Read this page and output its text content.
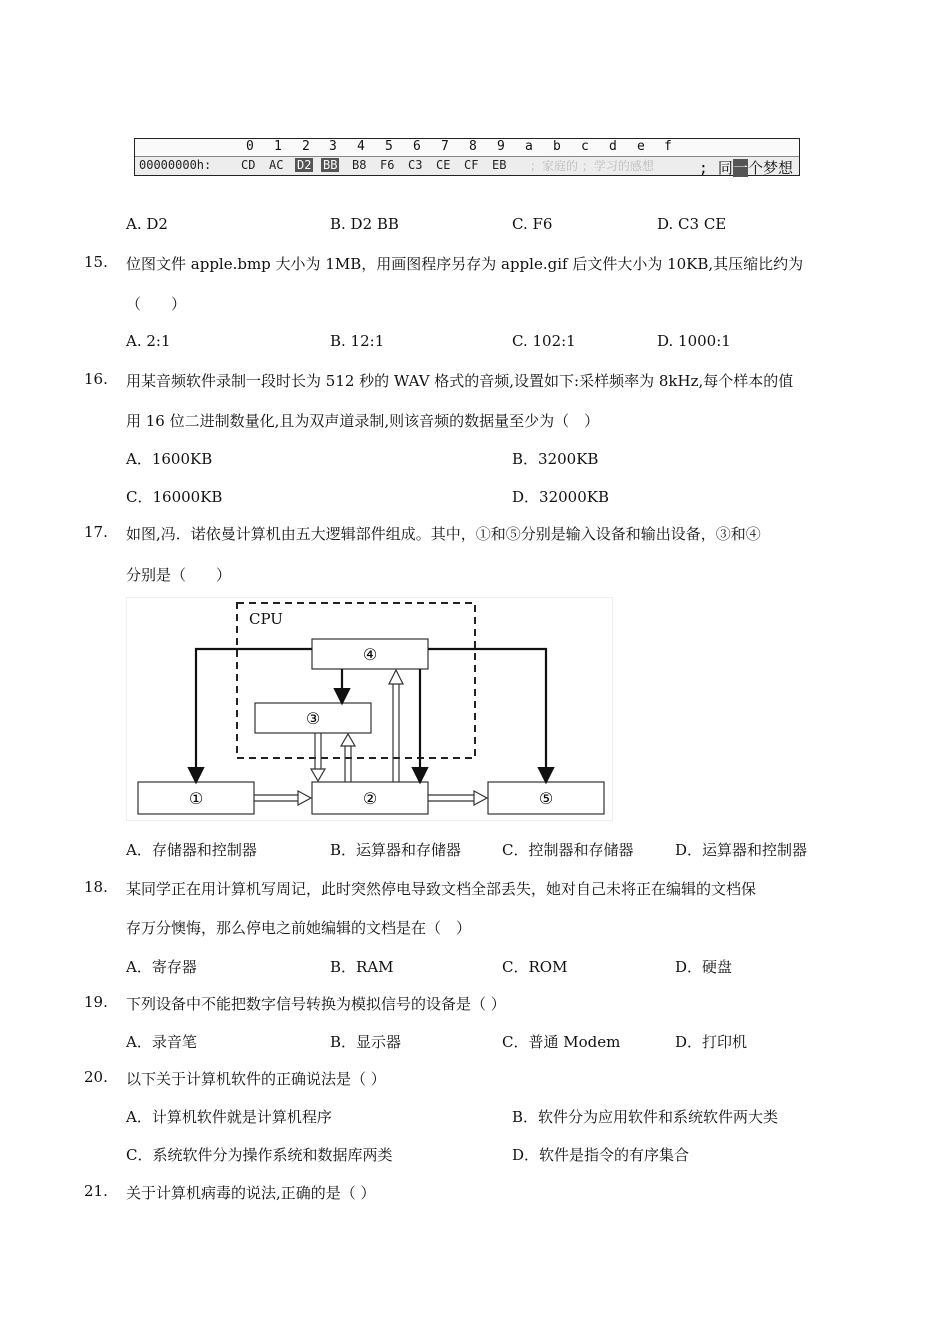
0 1 2 3 4 5 6 7 8 9 a b c d e f
00000000h: CD AC D2 BB B8 F6 C3 CE CF EB ；家庭的 ；学习的感想	; 同一个梦想
A. D2	B. D2 BB	C. F6	D. C3 CE
15. 位图文件 apple.bmp 大小为 1MB，用画图程序另存为 apple.gif 后文件大小为 10KB,其压缩比约为
（　　）
A. 2:1	B. 12:1	C. 102:1	D. 1000:1
16. 用某音频软件录制一段时长为 512 秒的 WAV 格式的音频,设置如下:采样频率为 8kHz,每个样本的值
用 16 位二进制数量化,且为双声道录制,则该音频的数据量至少为（　）
A．1600KB	B．3200KB
C．16000KB	D．32000KB
17. 如图,冯．诺依曼计算机由五大逻辑部件组成。其中，①和⑤分别是输入设备和输出设备，③和④
分别是（　　）
CPU
④
③
①	②	⑤
A．存储器和控制器	B．运算器和存储器	C．控制器和存储器	D．运算器和控制器
18. 某同学正在用计算机写周记，此时突然停电导致文档全部丢失，她对自己未将正在编辑的文档保
存万分懊悔，那么停电之前她编辑的文档是在（　）
A．寄存器	B．RAM	C．ROM	D．硬盘
19. 下列设备中不能把数字信号转换为模拟信号的设备是（ ）
A．录音笔	B．显示器	C．普通 Modem	D．打印机
20. 以下关于计算机软件的正确说法是（ ）
A．计算机软件就是计算机程序	B．软件分为应用软件和系统软件两大类
C．系统软件分为操作系统和数据库两类	D．软件是指令的有序集合
21. 关于计算机病毒的说法,正确的是（ ）
